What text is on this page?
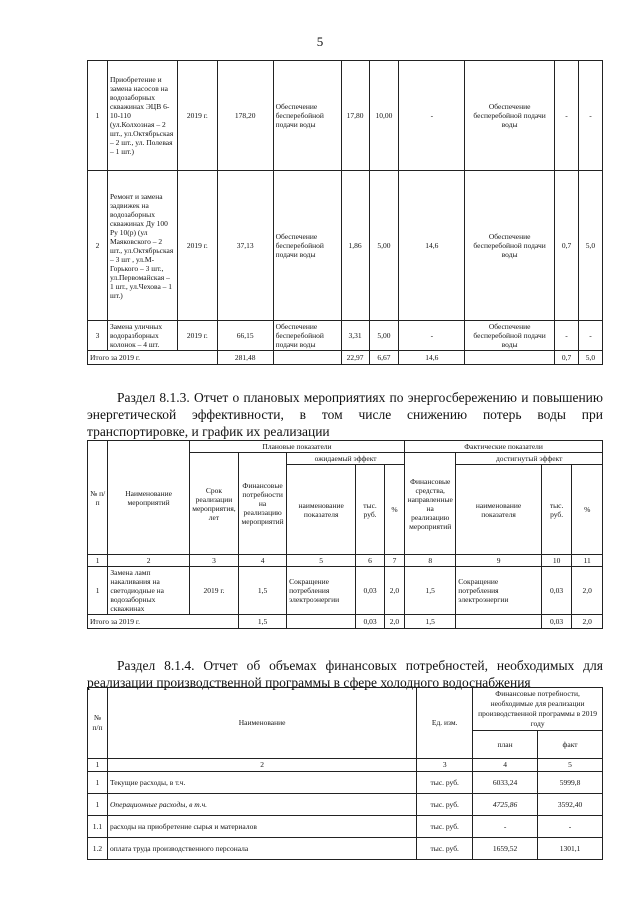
5
1	Приобретение и замена насосов на водозаборных скважинах ЭЦВ 6-10-110 (ул.Колхозная – 2 шт., ул.Октябрьская – 2 шт., ул. Полевая – 1 шт.)	2019 г.	178,20	Обеспечение бесперебойной подачи воды	17,80	10,00	-	Обеспечение бесперебойной подачи воды	-	-
2	Ремонт и замена задвижек на водозаборных скважинах Ду 100 Ру 10(р) (ул Маяковского – 2 шт., ул.Октябрьская – 3 шт , ул.М-Горького – 3 шт., ул.Первомайская – 1 шт., ул.Чехова – 1 шт.)	2019 г.	37,13	Обеспечение бесперебойной подачи воды	1,86	5,00	14,6	Обеспечение бесперебойной подачи воды	0,7	5,0
3	Замена уличных водоразборных колонок – 4 шт.	2019 г.	66,15	Обеспечение бесперебойной подачи воды	3,31	5,00	-	Обеспечение бесперебойной подачи воды	-	-
Итого за 2019 г.			281,48		22,97	6,67	14,6		0,7	5,0
Раздел 8.1.3. Отчет о плановых мероприятиях по энергосбережению и повышению энергетической эффективности, в том числе снижению потерь воды при транспортировке, и график их реализации
№ п/п	Наименование мероприятий	Плановые показатели					Фактические показатели			
		Срок реализации мероприятия, лет	Финансовые потребности на реализацию мероприятий	ожидаемый эффект			Финансовые средства, направленные на реализацию мероприятий	достигнутый эффект		
				наименование показателя	тыс. руб.	%		наименование показателя	тыс. руб.	%
1	2	3	4	5	6	7	8	9	10	11
1	Замена ламп накаливания на светодиодные на водозаборных скважинах	2019 г.	1,5	Сокращение потребления электроэнергии	0,03	2,0	1,5	Сокращение потребления электроэнергии	0,03	2,0
Итого за 2019 г.			1,5		0,03	2,0	1,5		0,03	2,0
Раздел 8.1.4. Отчет об объемах финансовых потребностей, необходимых для реализации производственной программы в сфере холодного водоснабжения
№ п/п	Наименование	Ед. изм.	Финансовые потребности, необходимые для реализации производственной программы в 2019 году	
			план	факт
1	2	3	4	5
1	Текущие расходы, в т.ч.	тыс. руб.	6033,24	5999,8
1	Операционные расходы, в т.ч.	тыс. руб.	4725,86	3592,40
1.1	расходы на приобретение сырья и материалов	тыс. руб.	-	-
1.2	оплата труда производственного персонала	тыс. руб.	1659,52	1301,1
